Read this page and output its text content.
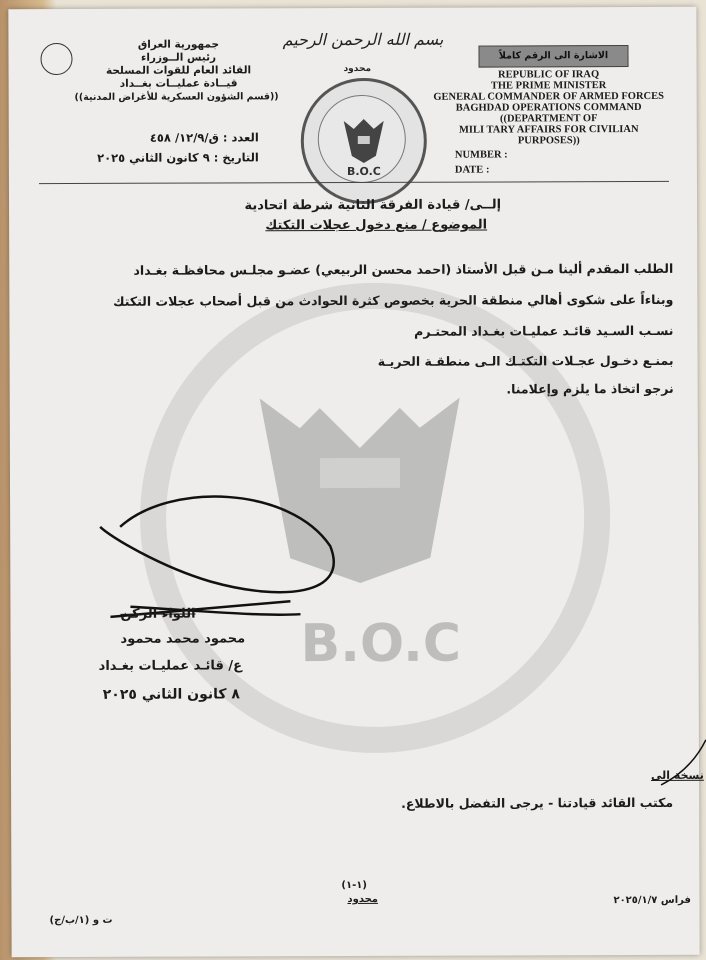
جمهورية العراق
رئيس الــوزراء
القائد العام للقوات المسلحة
قيــادة عمليــات بغــداد
((قسم الشؤون العسكرية للأغراض المدنية))
العدد : ق/١٢/٩/ ٤٥٨
التاريخ : ٩ كانون الثاني ٢٠٢٥
بسم الله الرحمن الرحيم
محدود
B.O.C
الاشارة الى الرقم كاملاً
REPUBLIC OF IRAQ
THE PRIME MINISTER
GENERAL COMMANDER OF ARMED FORCES
BAGHDAD OPERATIONS COMMAND
((DEPARTMENT OF
MILI TARY AFFAIRS FOR CIVILIAN
PURPOSES))
NUMBER :
DATE :
B.O.C
إلــى/ قيادة الفرقة الثانية شرطة اتحادية
الموضوع / منع دخول عجلات التكتك
الطلب المقدم ألينا مـن قبل الأستاذ (احمد محسن الربيعي) عضـو مجلـس محافظـة بغـداد
وبناءاً على شكوى أهالي منطقة الحرية بخصوص كثرة الحوادث من قبل أصحاب عجلات التكتك
نسـب السـيد قائـد عمليـات بغـداد المحتـرم
بمنـع دخـول عجـلات التكتـك الـى منطقـة الحريـة
نرجو اتخاذ ما يلزم وإعلامنا.
اللواء الركن
محمود محمد محمود
ع/ قائـد عمليـات بغـداد
٨ كانون الثاني ٢٠٢٥
نسخة الى
مكتب القائد قيادتنا - يرجى التفضل بالاطلاع.
(١-١)
محدود
ت و (١/ب/ج)
فراس ٢٠٢٥/١/٧
